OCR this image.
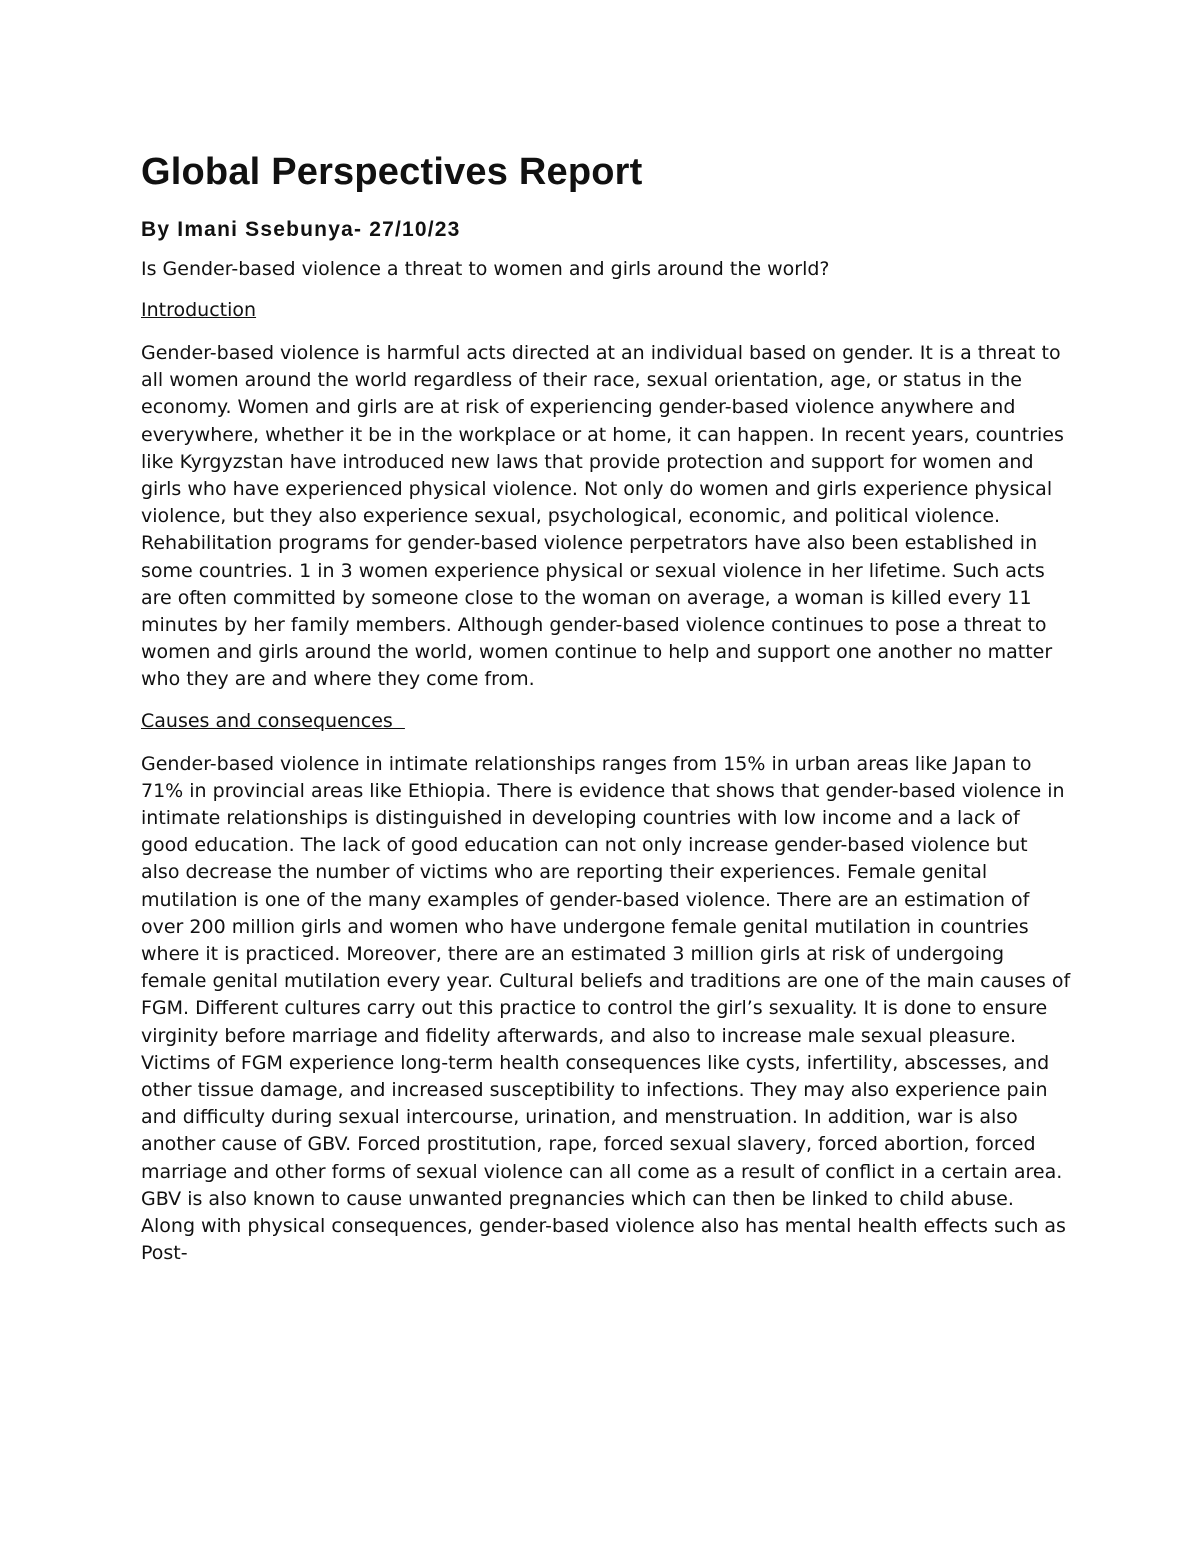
Global Perspectives Report
By Imani Ssebunya- 27/10/23
Is Gender-based violence a threat to women and girls around the world?
Introduction

Gender-based violence is harmful acts directed at an individual based on gender. It is a threat to all women around the world regardless of their race, sexual orientation, age, or status in the economy. Women and girls are at risk of experiencing gender-based violence anywhere and everywhere, whether it be in the workplace or at home, it can happen. In recent years, countries like Kyrgyzstan have introduced new laws that provide protection and support for women and girls who have experienced physical violence. Not only do women and girls experience physical violence, but they also experience sexual, psychological, economic, and political violence. Rehabilitation programs for gender-based violence perpetrators have also been established in some countries. 1 in 3 women experience physical or sexual violence in her lifetime. Such acts are often committed by someone close to the woman on average, a woman is killed every 11 minutes by her family members. Although gender-based violence continues to pose a threat to women and girls around the world, women continue to help and support one another no matter who they are and where they come from.

Causes and consequences

Gender-based violence in intimate relationships ranges from 15% in urban areas like Japan to 71% in provincial areas like Ethiopia. There is evidence that shows that gender-based violence in intimate relationships is distinguished in developing countries with low income and a lack of good education. The lack of good education can not only increase gender-based violence but also decrease the number of victims who are reporting their experiences. Female genital mutilation is one of the many examples of gender-based violence. There are an estimation of over 200 million girls and women who have undergone female genital mutilation in countries where it is practiced. Moreover, there are an estimated 3 million girls at risk of undergoing female genital mutilation every year. Cultural beliefs and traditions are one of the main causes of FGM. Different cultures carry out this practice to control the girl’s sexuality. It is done to ensure virginity before marriage and fidelity afterwards, and also to increase male sexual pleasure. Victims of FGM experience long-term health consequences like cysts, infertility, abscesses, and other tissue damage, and increased susceptibility to infections. They may also experience pain and difficulty during sexual intercourse, urination, and menstruation. In addition, war is also another cause of GBV. Forced prostitution, rape, forced sexual slavery, forced abortion, forced marriage and other forms of sexual violence can all come as a result of conflict in a certain area. GBV is also known to cause unwanted pregnancies which can then be linked to child abuse. Along with physical consequences, gender-based violence also has mental health effects such as Post-
